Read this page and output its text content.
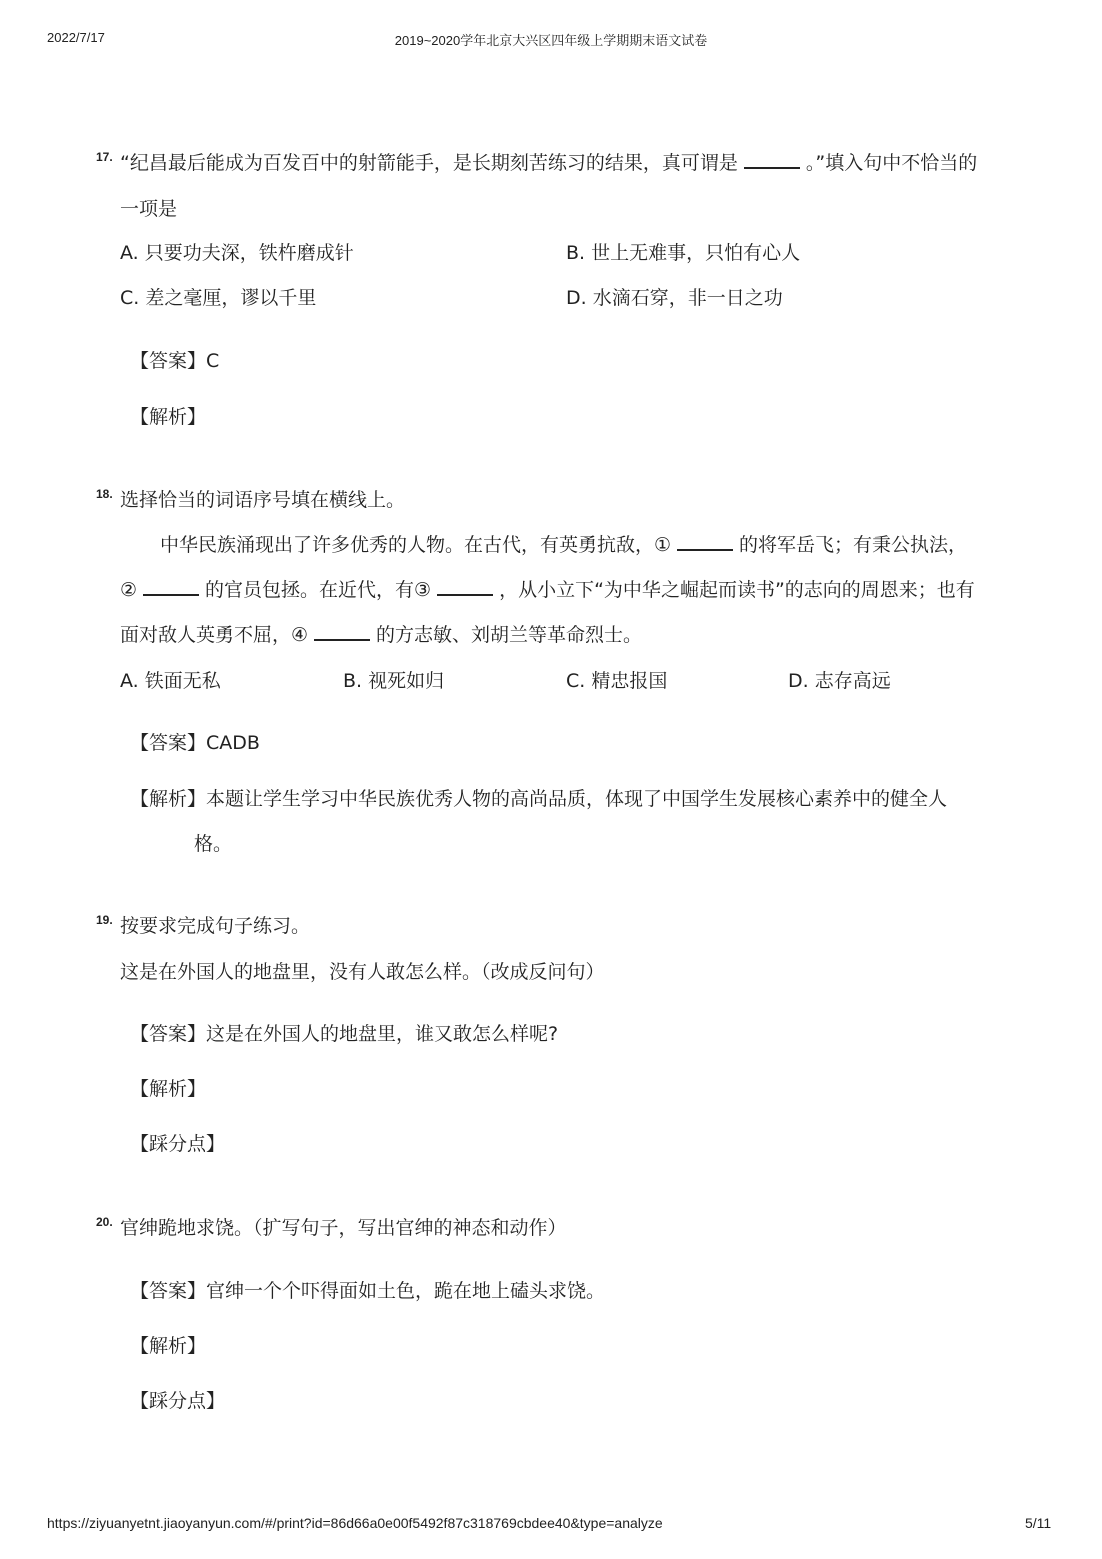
2022/7/17	2019~2020学年北京大兴区四年级上学期期末语文试卷
17. “纪昌最后能成为百发百中的射箭能手，是长期刻苦练习的结果，真可谓是	。”填入句中不恰当的
一项是
A. 只要功夫深，铁杵磨成针	B. 世上无难事，只怕有心人
C. 差之毫厘，谬以千里	D. 水滴石穿，非一日之功
【答案】C
【解析】
18. 选择恰当的词语序号填在横线上。
中华民族涌现出了许多优秀的人物。在古代，有英勇抗敌，①	的将军岳飞；有秉公执法，
②	的官员包拯。在近代，有③	，从小立下“为中华之崛起而读书”的志向的周恩来；也有
面对敌人英勇不屈，④	的方志敏、刘胡兰等革命烈士。
A. 铁面无私	B. 视死如归	C. 精忠报国	D. 志存高远
【答案】CADB
【解析】本题让学生学习中华民族优秀人物的高尚品质，体现了中国学生发展核心素养中的健全人
格。
19. 按要求完成句子练习。
这是在外国人的地盘里，没有人敢怎么样。（改成反问句）
【答案】这是在外国人的地盘里，谁又敢怎么样呢?
【解析】
【踩分点】
20. 官绅跪地求饶。（扩写句子，写出官绅的神态和动作）
【答案】官绅一个个吓得面如土色，跪在地上磕头求饶。
【解析】
【踩分点】
https://ziyuanyetnt.jiaoyanyun.com/#/print?id=86d66a0e00f5492f87c318769cbdee40&type=analyze	5/11
